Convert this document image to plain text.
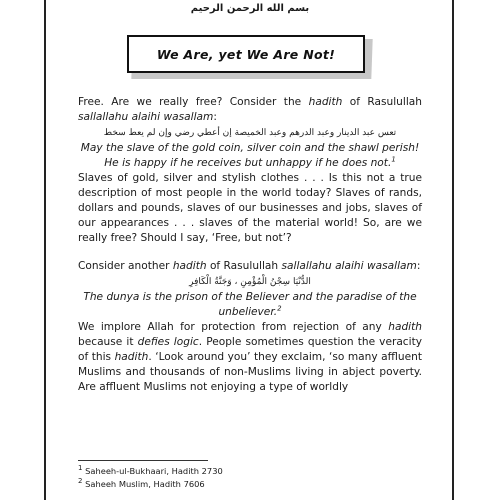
بسم الله الرحمن الرحيم
We Are, yet We Are Not!

Free. Are we really free? Consider the hadith of Rasulullah sallallahu alaihi wasallam:

تعس عبد الدينار وعبد الدرهم وعبد الخميصة إن أعطي رضي وإن لم يعط سخط
May the slave of the gold coin, silver coin and the shawl perish!
He is happy if he receives but unhappy if he does not.$^1$

Slaves of gold, silver and stylish clothes . . . Is this not a true description of most people in the world today? Slaves of rands, dollars and pounds, slaves of our businesses and jobs, slaves of our appearances . . . slaves of the material world! So, are we really free? Should I say, ‘Free, but not’?

Consider another hadith of Rasulullah sallallahu alaihi wasallam:

الدُّنْيَا سِجْنُ الْمُؤْمِنِ ، وَجَنَّةُ الْكَافِرِ
The dunya is the prison of the Believer and the paradise of the unbeliever.$^2$

We implore Allah for protection from rejection of any hadith because it defies logic. People sometimes question the veracity of this hadith. ‘Look around you’ they exclaim, ‘so many affluent Muslims and thousands of non-Muslims living in abject poverty. Are affluent Muslims not enjoying a type of worldly

$^1$ Saheeh-ul-Bukhaari, Hadith 2730
$^2$ Saheeh Muslim, Hadith 7606
